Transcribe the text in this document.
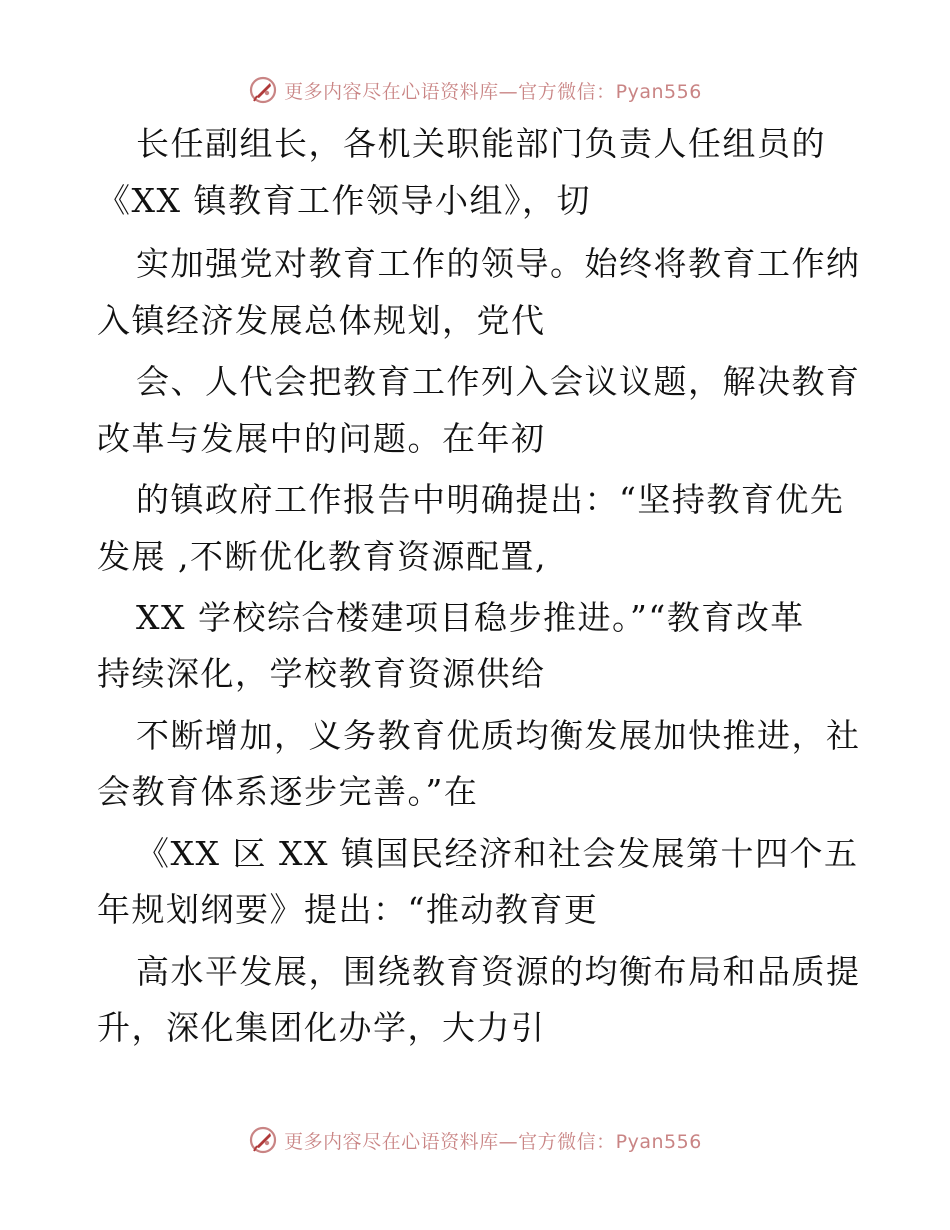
更多内容尽在心语资料库—官方微信：Pyan556
长任副组长，各机关职能部门负责人任组员的
《XX 镇教育工作领导小组》，切
实加强党对教育工作的领导。始终将教育工作纳
入镇经济发展总体规划，党代
会、人代会把教育工作列入会议议题，解决教育
改革与发展中的问题。在年初
的镇政府工作报告中明确提出：“坚持教育优先
发展 ,不断优化教育资源配置,
XX 学校综合楼建项目稳步推进。”“教育改革
持续深化，学校教育资源供给
不断增加，义务教育优质均衡发展加快推进，社
会教育体系逐步完善。”在
《XX 区 XX 镇国民经济和社会发展第十四个五
年规划纲要》提出：“推动教育更
高水平发展，围绕教育资源的均衡布局和品质提
升，深化集团化办学，大力引
更多内容尽在心语资料库—官方微信：Pyan556
